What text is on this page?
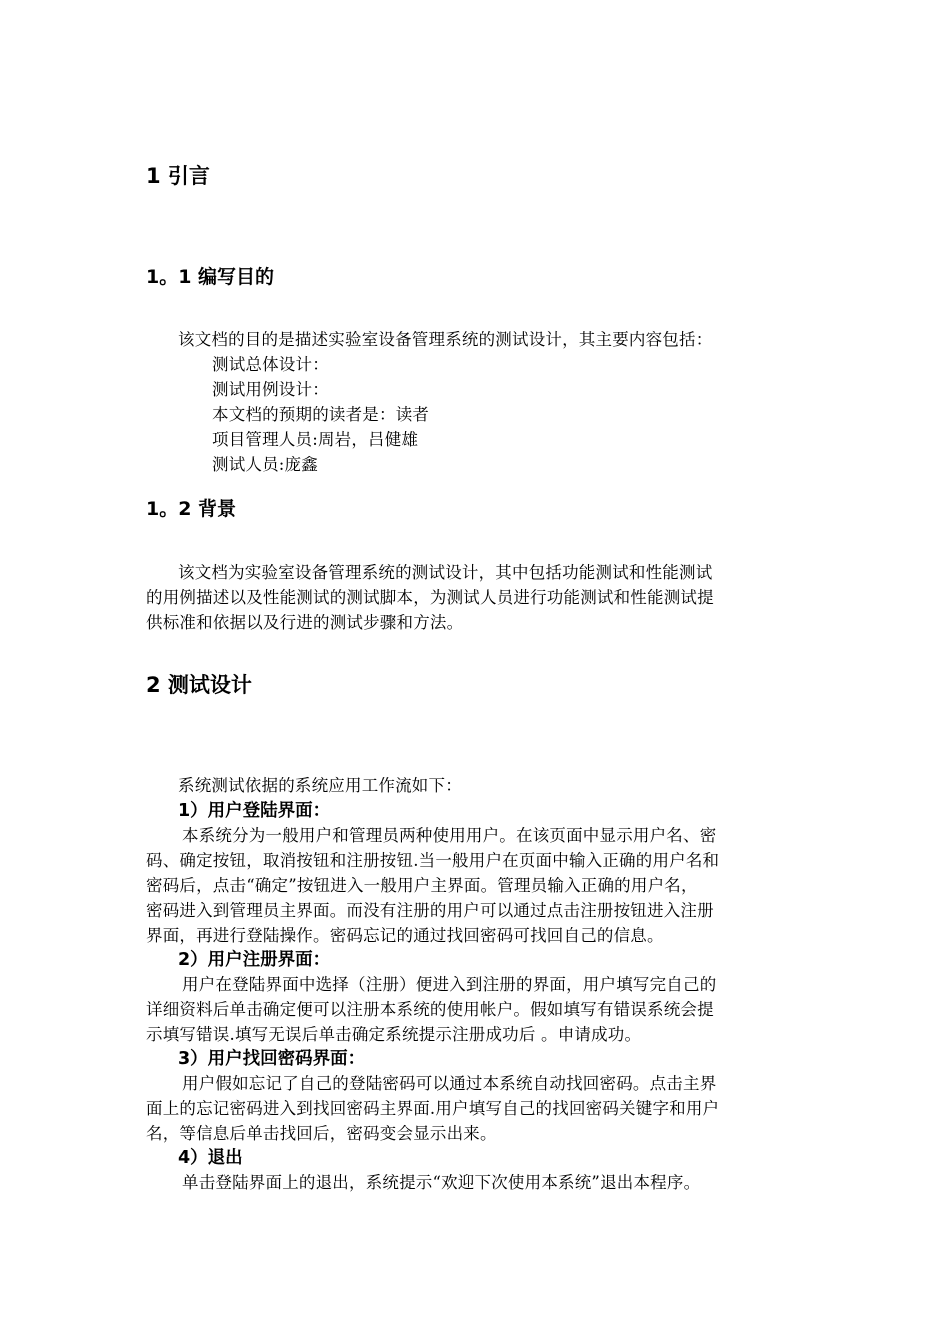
1 引言
1。1 编写目的
该文档的目的是描述实验室设备管理系统的测试设计，其主要内容包括：
测试总体设计：
测试用例设计：
本文档的预期的读者是：读者
项目管理人员:周岩，吕健雄
测试人员:庞鑫
1。2 背景
该文档为实验室设备管理系统的测试设计，其中包括功能测试和性能测试
的用例描述以及性能测试的测试脚本，为测试人员进行功能测试和性能测试提
供标准和依据以及行进的测试步骤和方法。
2 测试设计
系统测试依据的系统应用工作流如下：
1）用户登陆界面：
本系统分为一般用户和管理员两种使用用户。在该页面中显示用户名、密
码、确定按钮，取消按钮和注册按钮.当一般用户在页面中输入正确的用户名和
密码后，点击“确定”按钮进入一般用户主界面。管理员输入正确的用户名，
密码进入到管理员主界面。而没有注册的用户可以通过点击注册按钮进入注册
界面，再进行登陆操作。密码忘记的通过找回密码可找回自己的信息。
2）用户注册界面：
用户在登陆界面中选择（注册）便进入到注册的界面，用户填写完自己的
详细资料后单击确定便可以注册本系统的使用帐户。假如填写有错误系统会提
示填写错误.填写无误后单击确定系统提示注册成功后 。申请成功。
3）用户找回密码界面：
用户假如忘记了自己的登陆密码可以通过本系统自动找回密码。点击主界
面上的忘记密码进入到找回密码主界面.用户填写自己的找回密码关键字和用户
名，等信息后单击找回后，密码变会显示出来。
4）退出
单击登陆界面上的退出，系统提示“欢迎下次使用本系统”退出本程序。
